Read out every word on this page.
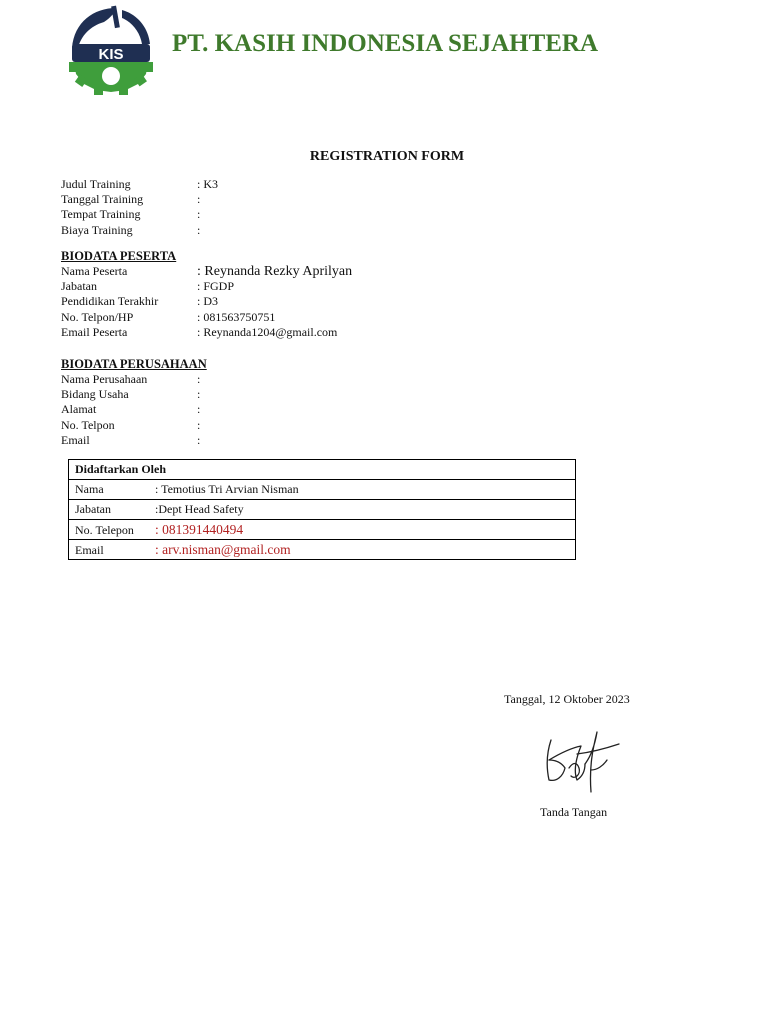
KIS PT. KASIH INDONESIA SEJAHTERA
REGISTRATION FORM
Judul Training	: K3
Tanggal Training	:
Tempat Training	:
Biaya Training	:
BIODATA PESERTA
Nama Peserta	: Reynanda Rezky Aprilyan
Jabatan	: FGDP
Pendidikan Terakhir	: D3
No. Telpon/HP	: 081563750751
Email Peserta	: Reynanda1204@gmail.com
BIODATA PERUSAHAAN
Nama Perusahaan	:
Bidang Usaha	:
Alamat	:
No. Telpon	:
Email	:
Didaftarkan Oleh
Nama	: Temotius Tri Arvian Nisman
Jabatan	:Dept Head Safety
No. Telepon : 081391440494
Email	: arv.nisman@gmail.com
Tanggal, 12 Oktober 2023
Tanda Tangan
